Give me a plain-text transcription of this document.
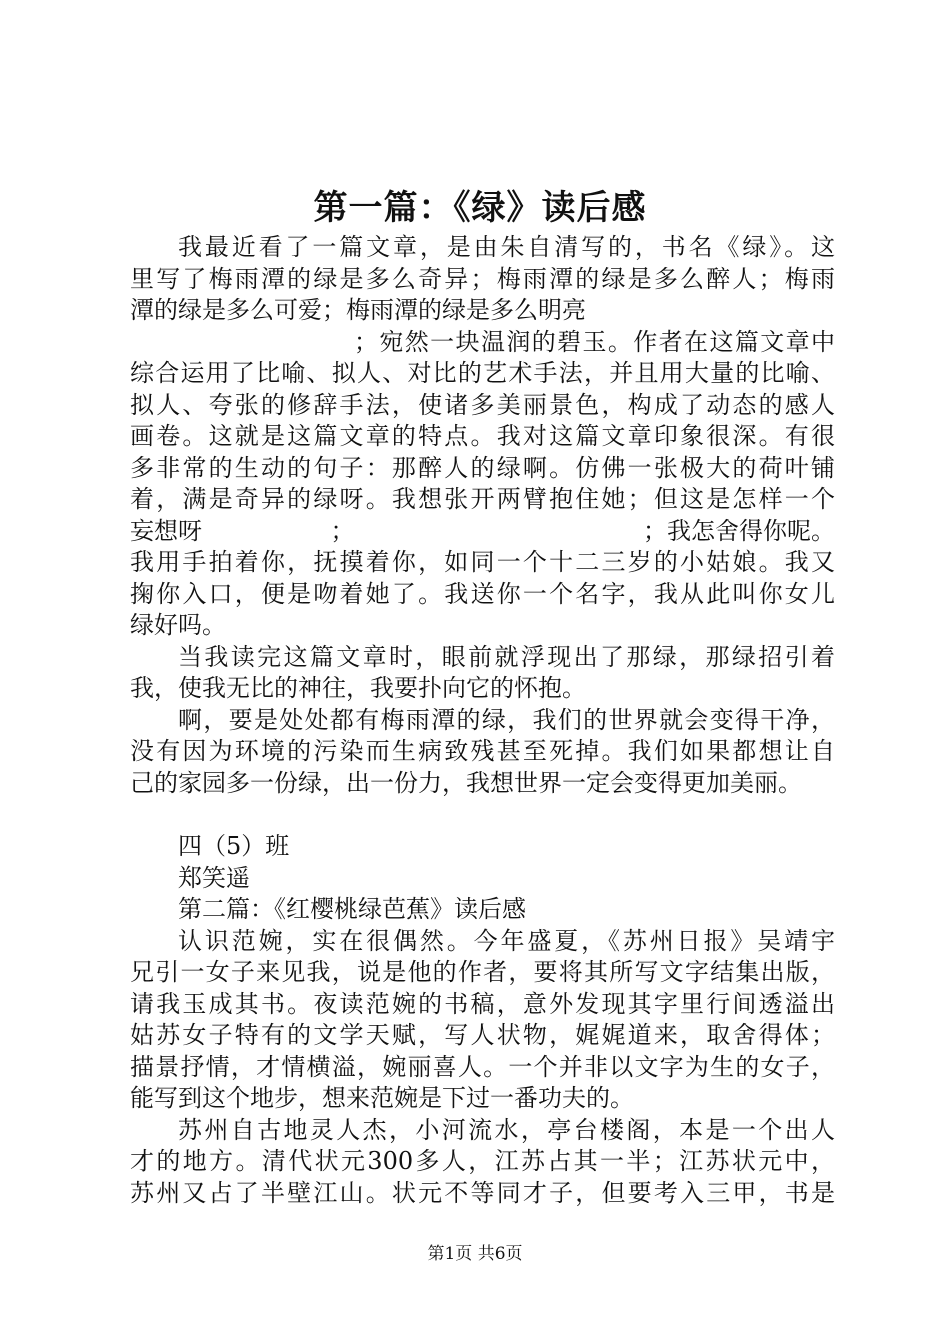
第一篇：《绿》读后感

我最近看了一篇文章，是由朱自清写的，书名《绿》。这
里写了梅雨潭的绿是多么奇异；梅雨潭的绿是多么醉人；梅雨
潭的绿是多么可爱；梅雨潭的绿是多么明亮
；宛然一块温润的碧玉。作者在这篇文章中
综合运用了比喻、拟人、对比的艺术手法，并且用大量的比喻、
拟人、夸张的修辞手法，使诸多美丽景色，构成了动态的感人
画卷。这就是这篇文章的特点。我对这篇文章印象很深。有很
多非常的生动的句子：那醉人的绿啊。仿佛一张极大的荷叶铺
着，满是奇异的绿呀。我想张开两臂抱住她；但这是怎样一个
妄想呀	；	；我怎舍得你呢。
我用手拍着你，抚摸着你，如同一个十二三岁的小姑娘。我又
掬你入口，便是吻着她了。我送你一个名字，我从此叫你女儿
绿好吗。

当我读完这篇文章时，眼前就浮现出了那绿，那绿招引着
我，使我无比的神往，我要扑向它的怀抱。

啊，要是处处都有梅雨潭的绿，我们的世界就会变得干净，
没有因为环境的污染而生病致残甚至死掉。我们如果都想让自
己的家园多一份绿，出一份力，我想世界一定会变得更加美丽。

四（5）班

郑笑遥

第二篇：《红樱桃绿芭蕉》读后感

认识范婉，实在很偶然。今年盛夏，《苏州日报》吴靖宇
兄引一女子来见我，说是他的作者，要将其所写文字结集出版，
请我玉成其书。夜读范婉的书稿，意外发现其字里行间透溢出
姑苏女子特有的文学天赋，写人状物，娓娓道来，取舍得体；
描景抒情，才情横溢，婉丽喜人。一个并非以文字为生的女子，
能写到这个地步，想来范婉是下过一番功夫的。

苏州自古地灵人杰，小河流水，亭台楼阁，本是一个出人
才的地方。清代状元300多人，江苏占其一半；江苏状元中，
苏州又占了半壁江山。状元不等同才子，但要考入三甲，书是

第1页 共6页
